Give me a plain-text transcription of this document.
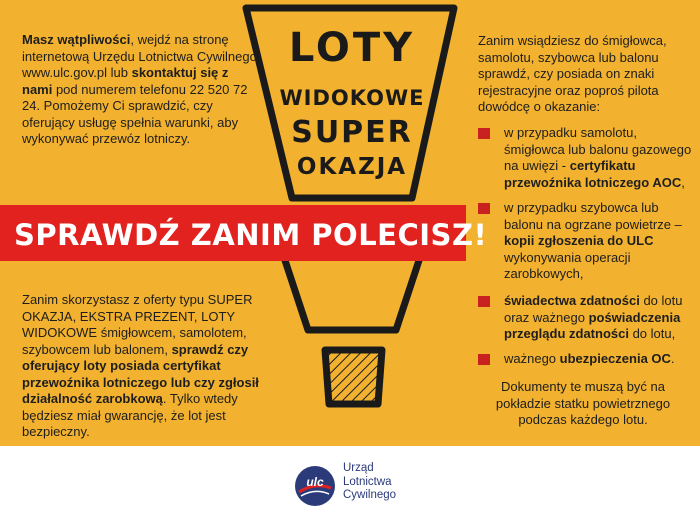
LOTY
WIDOKOWE
SUPER
OKAZJA
SPRAWDŹ ZANIM POLECISZ!
Masz wątpliwości, wejdź na stronę internetową Urzędu Lotnictwa Cywilnego www.ulc.gov.pl lub skontaktuj się z nami pod numerem telefonu 22 520 72 24. Pomożemy Ci sprawdzić, czy oferujący usługę spełnia warunki, aby wykonywać przewóz lotniczy.
Zanim skorzystasz z oferty typu SUPER OKAZJA, EKSTRA PREZENT, LOTY WIDOKOWE śmigłowcem, samolotem, szybowcem lub balonem, sprawdź czy oferujący loty posiada certyfikat przewoźnika lotniczego lub czy zgłosił działalność zarobkową. Tylko wtedy będziesz miał gwarancję, że lot jest bezpieczny.
Zanim wsiądziesz do śmigłowca, samolotu, szybowca lub balonu sprawdź, czy posiada on znaki rejestracyjne oraz poproś pilota dowódcę o okazanie:
w przypadku samolotu, śmigłowca lub balonu gazowego na uwięzi - certyfikatu przewoźnika lotniczego AOC,
w przypadku szybowca lub balonu na ogrzane powietrze – kopii zgłoszenia do ULC wykonywania operacji zarobkowych,
świadectwa zdatności do lotu oraz ważnego poświadczenia przeglądu zdatności do lotu,
ważnego ubezpieczenia OC.
Dokumenty te muszą być na pokładzie statku powietrznego podczas każdego lotu.
ulc
Urząd
Lotnictwa
Cywilnego
